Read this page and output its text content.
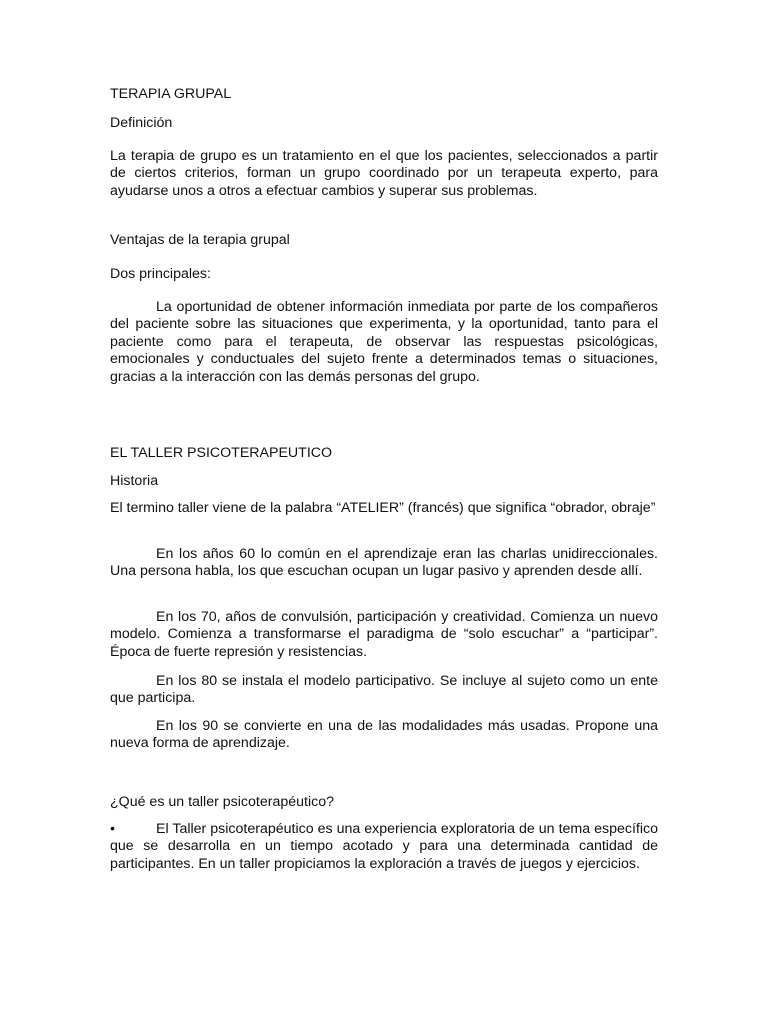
TERAPIA GRUPAL

Definición

La terapia de grupo es un tratamiento en el que los pacientes, seleccionados a partir de ciertos criterios, forman un grupo coordinado por un terapeuta experto, para ayudarse unos a otros a efectuar cambios y superar sus problemas.

Ventajas de la terapia grupal

Dos principales:

La oportunidad de obtener información inmediata por parte de los compañeros del paciente sobre las situaciones que experimenta, y la oportunidad, tanto para el paciente como para el terapeuta, de observar las respuestas psicológicas, emocionales y conductuales del sujeto frente a determinados temas o situaciones, gracias a la interacción con las demás personas del grupo.

EL TALLER PSICOTERAPEUTICO

Historia

El termino taller viene de la palabra “ATELIER” (francés) que significa “obrador, obraje”

En los años 60 lo común en el aprendizaje eran las charlas unidireccionales. Una persona habla, los que escuchan ocupan un lugar pasivo y aprenden desde allí.

En los 70, años de convulsión, participación y creatividad. Comienza un nuevo modelo. Comienza a transformarse el paradigma de “solo escuchar” a “participar”. Época de fuerte represión y resistencias.

En los 80 se instala el modelo participativo. Se incluye al sujeto como un ente que participa.

En los 90 se convierte en una de las modalidades más usadas. Propone una nueva forma de aprendizaje.

¿Qué es un taller psicoterapéutico?

•	El Taller psicoterapéutico es una experiencia exploratoria de un tema específico que se desarrolla en un tiempo acotado y para una determinada cantidad de participantes. En un taller propiciamos la exploración a través de juegos y ejercicios.
